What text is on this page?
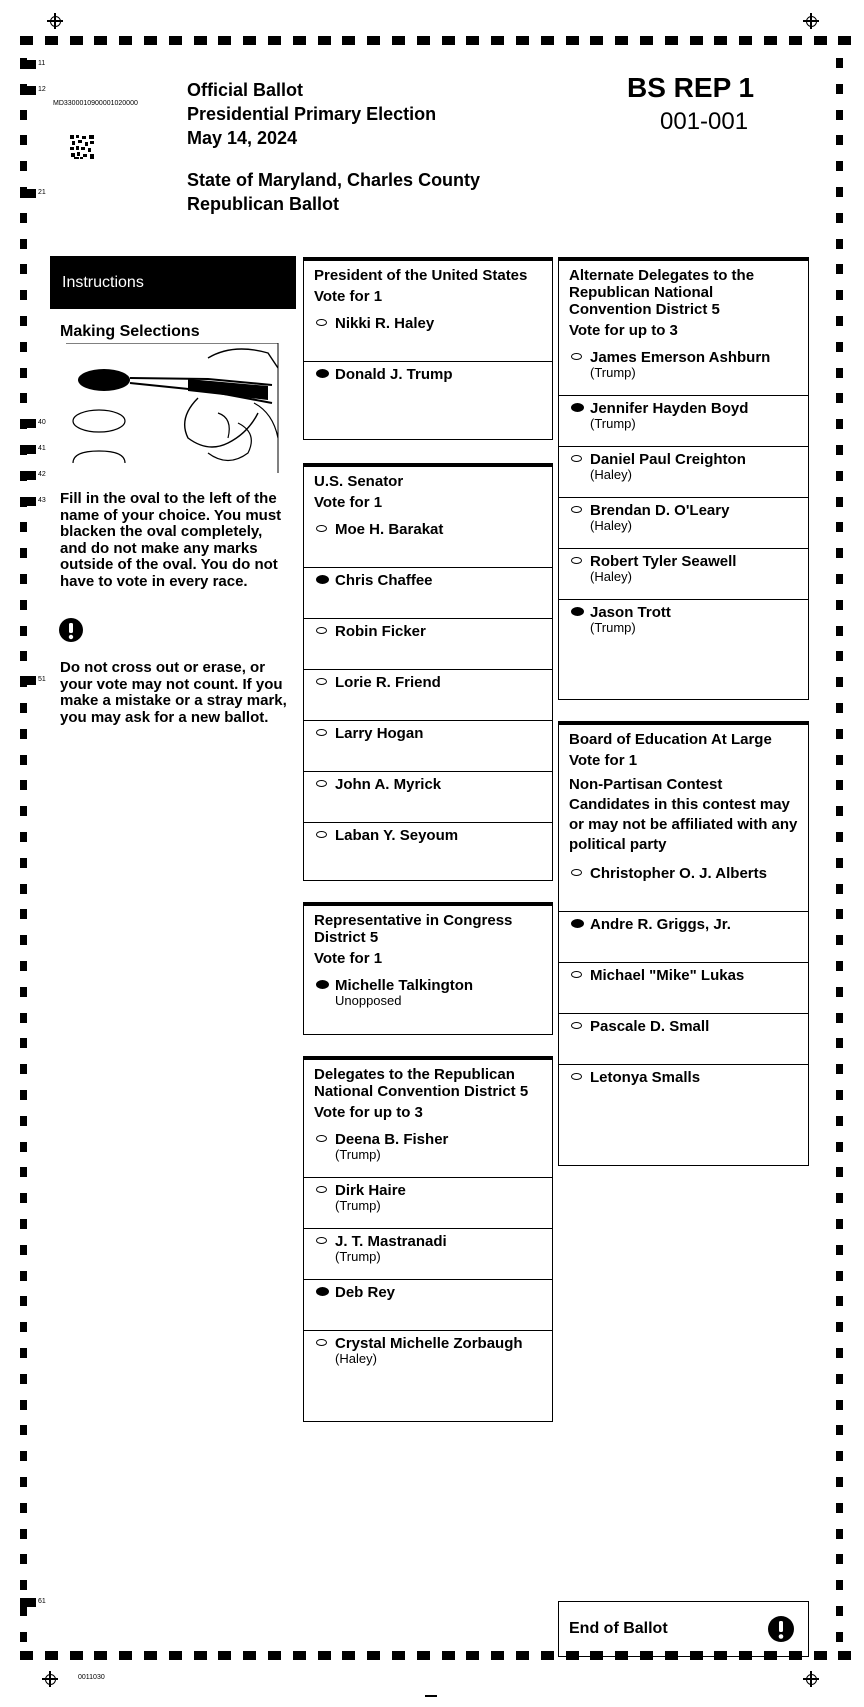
11
12
21
40
41
42
43
51
61
MD3300010900001020000
Official Ballot
Presidential Primary Election
May 14, 2024
State of Maryland, Charles County
Republican Ballot
BS REP 1
001-001
Instructions
Making Selections
Fill in the oval to the left of the name of your choice. You must blacken the oval completely, and do not make any marks outside of the oval. You do not have to vote in every race.
Do not cross out or erase, or your vote may not count. If you make a mistake or a stray mark, you may ask for a new ballot.
President of the United States
Vote for 1
Nikki R. Haley
Donald J. Trump
U.S. Senator
Vote for 1
Moe H. Barakat
Chris Chaffee
Robin Ficker
Lorie R. Friend
Larry Hogan
John A. Myrick
Laban Y. Seyoum
Representative in Congress District 5
Vote for 1
Michelle Talkington
Unopposed
Delegates to the Republican National Convention District 5
Vote for up to 3
Deena B. Fisher
(Trump)
Dirk Haire
(Trump)
J. T. Mastranadi
(Trump)
Deb Rey
Crystal Michelle Zorbaugh
(Haley)
Alternate Delegates to the Republican National Convention District 5
Vote for up to 3
James Emerson Ashburn
(Trump)
Jennifer Hayden Boyd
(Trump)
Daniel Paul Creighton
(Haley)
Brendan D. O'Leary
(Haley)
Robert Tyler Seawell
(Haley)
Jason Trott
(Trump)
Board of Education At Large
Vote for 1
Non-Partisan Contest
Candidates in this contest may or may not be affiliated with any political party
Christopher O. J. Alberts
Andre R. Griggs, Jr.
Michael "Mike" Lukas
Pascale D. Small
Letonya Smalls
End of Ballot
0011030
